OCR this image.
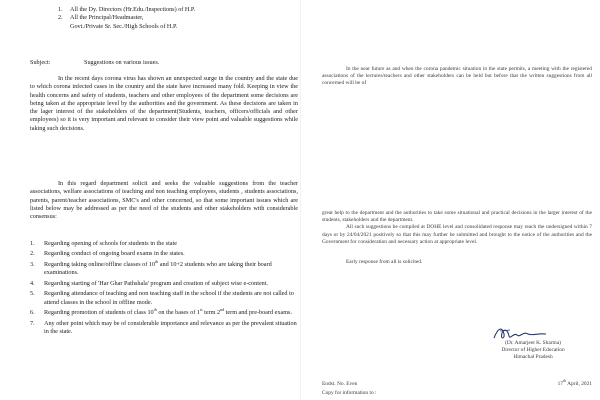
1.	All the Dy. Directors (Hr.Edu./Inspections) of H.P.
2.	All the Principal/Headmaster,
Govt./Private Sr. Sec./High Schools of H.P.
Subject:	Suggestions on various issues.

In the recent days corona virus has shown an unexpected surge in the country and the state due to which corona infected cases in the country and the state have increased many fold. Keeping in view the health concerns and safety of students, teachers and other employees of the department some decisions are being taken at the appropriate level by the authorities and the government. As these decisions are taken in the lager interest of the stakeholders of the department(Students, teachers, officers/officials and other employees) so it is very important and relevant to consider their view point and valuable suggestions while taking such decisions.

In this regard department solicit and seeks the valuable suggestions from the teacher associations, welfare associations of teaching and non teaching employees, students , students associations, parents, parent/teacher associations, SMC's and other concerned, so that some important issues which are listed below may be addressed as per the need of the students and other stakeholders with considerable consensus:

1.	Regarding opening of schools for students in the state
2.	Regarding conduct of ongoing board exams in the states.
3.	Regarding taking online/offline classes of 10th and 10+2 students who are taking their board examinations.
4.	Regarding starting of 'Har Ghar Pathshala' program and creation of subject wise e-content.
5.	Regarding attendance of teaching and non teaching staff in the school if the students are not called to attend classes in the school in offline mode.
6.	Regarding promotion of students of class 10th on the bases of 1st term 2nd term and pre-board exams.
7.	Any other point which may be of considerable importance and relevance as per the prevalent situation in the state.

In the near future as and when the corona pandemic situation in the state permits, a meeting with the registered associations of the lectures/teachers and other stakeholders can be held but before that the written suggestions from all concerned will be of

great help to the department and the authorities to take some situational and practical decisions in the larger interest of the students, stakeholders and the department.
All such suggestions be compiled at DOHE level and consolidated response may reach the undersigned within 7 days or by 24/04/2021 positively so that this may further be submitted and brought to the notice of the authorities and the Government for consideration and necessary action at appropriate level.
Early response from all is solicited.
(Dr. Amarjeet K. Sharma)
Director of Higher Education
Himachal Pradesh
Endst. No. Even	17th April, 2021
Copy for information to :
